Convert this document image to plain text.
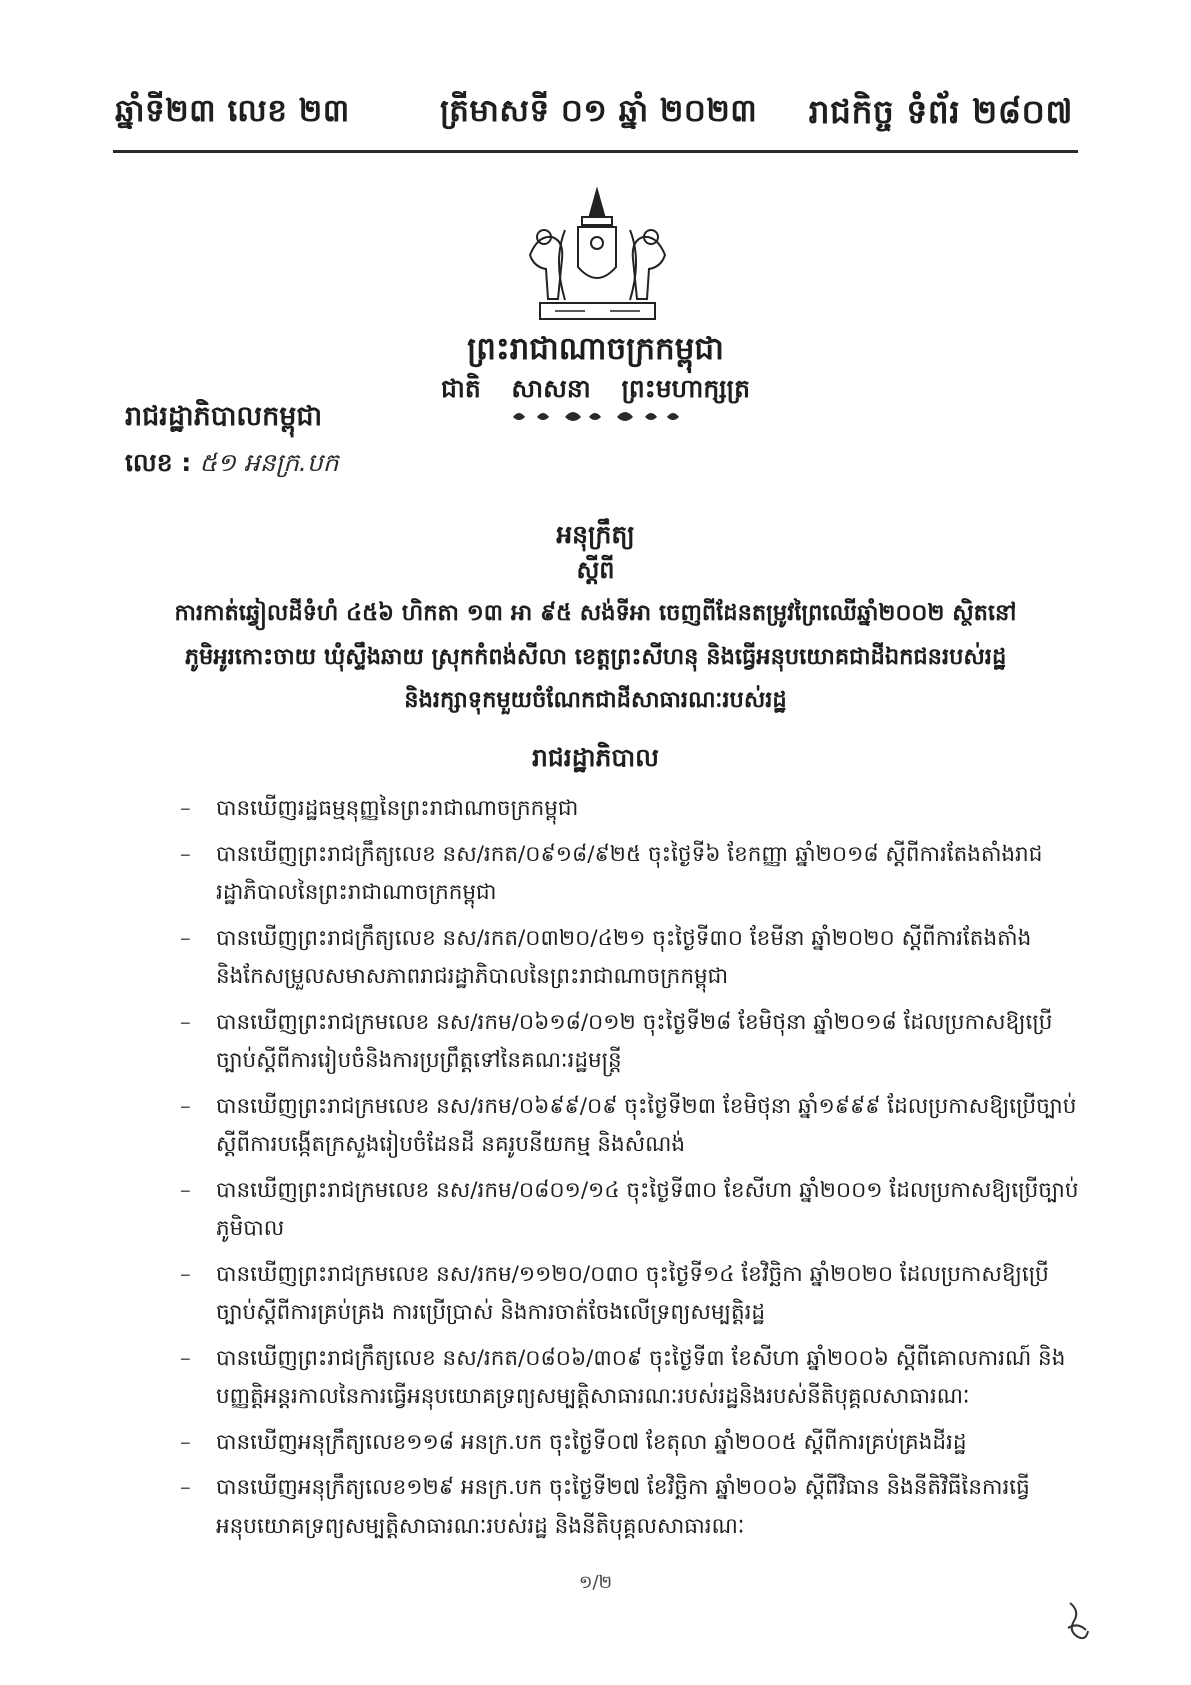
ឆ្នាំទី២៣ លេខ ២៣	ត្រីមាសទី ០១ ឆ្នាំ ២០២៣ រាជកិច្ច ទំព័រ ២៨០៧
ព្រះរាជាណាចក្រកម្ពុជា
ជាតិ សាសនា ព្រះមហាក្សត្រ
រាជរដ្ឋាភិបាលកម្ពុជា
លេខ : ៥១ អនក្រ.បក
អនុក្រឹត្យ
ស្ដីពី
ការកាត់ឆ្វៀលដីទំហំ ៤៥៦ ហិកតា ១៣ អា ៩៥ សង់ទីអា ចេញពីដែនតម្រូវព្រៃឈើឆ្នាំ២០០២ ស្ថិតនៅ
ភូមិអូរកោះចាយ ឃុំស្ទឹងឆាយ ស្រុកកំពង់សីលា ខេត្តព្រះសីហនុ និងធ្វើអនុបយោគជាដីឯកជនរបស់រដ្ឋ
និងរក្សាទុកមួយចំណែកជាដីសាធារណៈរបស់រដ្ឋ
រាជរដ្ឋាភិបាល
–	បានឃើញរដ្ឋធម្មនុញ្ញនៃព្រះរាជាណាចក្រកម្ពុជា
–	បានឃើញព្រះរាជក្រឹត្យលេខ នស/រកត/០៩១៨/៩២៥ ចុះថ្ងៃទី៦ ខែកញ្ញា ឆ្នាំ២០១៨ ស្ដីពីការតែងតាំងរាជរដ្ឋាភិបាលនៃព្រះរាជាណាចក្រកម្ពុជា
–	បានឃើញព្រះរាជក្រឹត្យលេខ នស/រកត/០៣២០/៤២១ ចុះថ្ងៃទី៣០ ខែមីនា ឆ្នាំ២០២០ ស្ដីពីការតែងតាំង និងកែសម្រួលសមាសភាពរាជរដ្ឋាភិបាលនៃព្រះរាជាណាចក្រកម្ពុជា
–	បានឃើញព្រះរាជក្រមលេខ នស/រកម/០៦១៨/០១២ ចុះថ្ងៃទី២៨ ខែមិថុនា ឆ្នាំ២០១៨ ដែលប្រកាសឱ្យប្រើច្បាប់ស្ដីពីការរៀបចំនិងការប្រព្រឹត្តទៅនៃគណៈរដ្ឋមន្ត្រី
–	បានឃើញព្រះរាជក្រមលេខ នស/រកម/០៦៩៩/០៩ ចុះថ្ងៃទី២៣ ខែមិថុនា ឆ្នាំ១៩៩៩ ដែលប្រកាសឱ្យប្រើច្បាប់ស្ដីពីការបង្កើតក្រសួងរៀបចំដែនដី នគរូបនីយកម្ម និងសំណង់
–	បានឃើញព្រះរាជក្រមលេខ នស/រកម/០៨០១/១៤ ចុះថ្ងៃទី៣០ ខែសីហា ឆ្នាំ២០០១ ដែលប្រកាសឱ្យប្រើច្បាប់ភូមិបាល
–	បានឃើញព្រះរាជក្រមលេខ នស/រកម/១១២០/០៣០ ចុះថ្ងៃទី១៤ ខែវិច្ឆិកា ឆ្នាំ២០២០ ដែលប្រកាសឱ្យប្រើច្បាប់ស្ដីពីការគ្រប់គ្រង ការប្រើប្រាស់ និងការចាត់ចែងលើទ្រព្យសម្បត្តិរដ្ឋ
–	បានឃើញព្រះរាជក្រឹត្យលេខ នស/រកត/០៨០៦/៣០៩ ចុះថ្ងៃទី៣ ខែសីហា ឆ្នាំ២០០៦ ស្ដីពីគោលការណ៍ និងបញ្ញត្តិអន្តរកាលនៃការធ្វើអនុបយោគទ្រព្យសម្បត្តិសាធារណៈរបស់រដ្ឋនិងរបស់នីតិបុគ្គលសាធារណៈ
–	បានឃើញអនុក្រឹត្យលេខ១១៨ អនក្រ.បក ចុះថ្ងៃទី០៧ ខែតុលា ឆ្នាំ២០០៥ ស្ដីពីការគ្រប់គ្រងដីរដ្ឋ
–	បានឃើញអនុក្រឹត្យលេខ១២៩ អនក្រ.បក ចុះថ្ងៃទី២៧ ខែវិច្ឆិកា ឆ្នាំ២០០៦ ស្ដីពីវិធាន និងនីតិវិធីនៃការធ្វើអនុបយោគទ្រព្យសម្បត្តិសាធារណៈរបស់រដ្ឋ និងនីតិបុគ្គលសាធារណៈ
១/២
